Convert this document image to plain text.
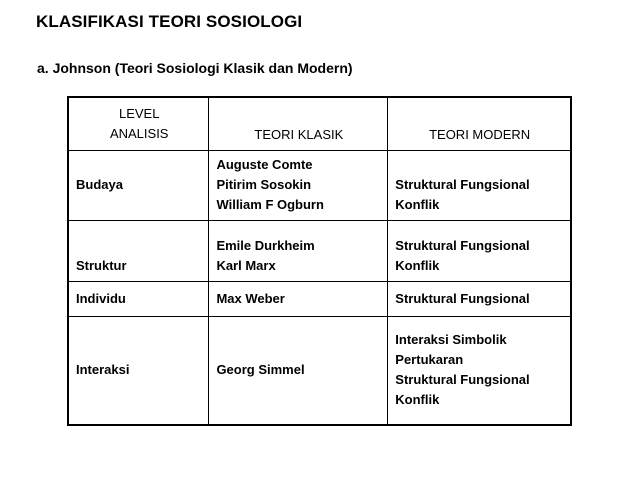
KLASIFIKASI TEORI SOSIOLOGI
a. Johnson (Teori Sosiologi Klasik dan Modern)
LEVEL
ANALISIS	TEORI KLASIK	TEORI MODERN

Budaya	Auguste Comte
Pitirim Sosokin
William F Ogburn	Struktural Fungsional
Konflik

Struktur	Emile Durkheim
Karl Marx	Struktural Fungsional
Konflik

Individu	Max Weber	Struktural Fungsional

Interaksi	Georg Simmel	Interaksi Simbolik
Pertukaran
Struktural Fungsional
Konflik
